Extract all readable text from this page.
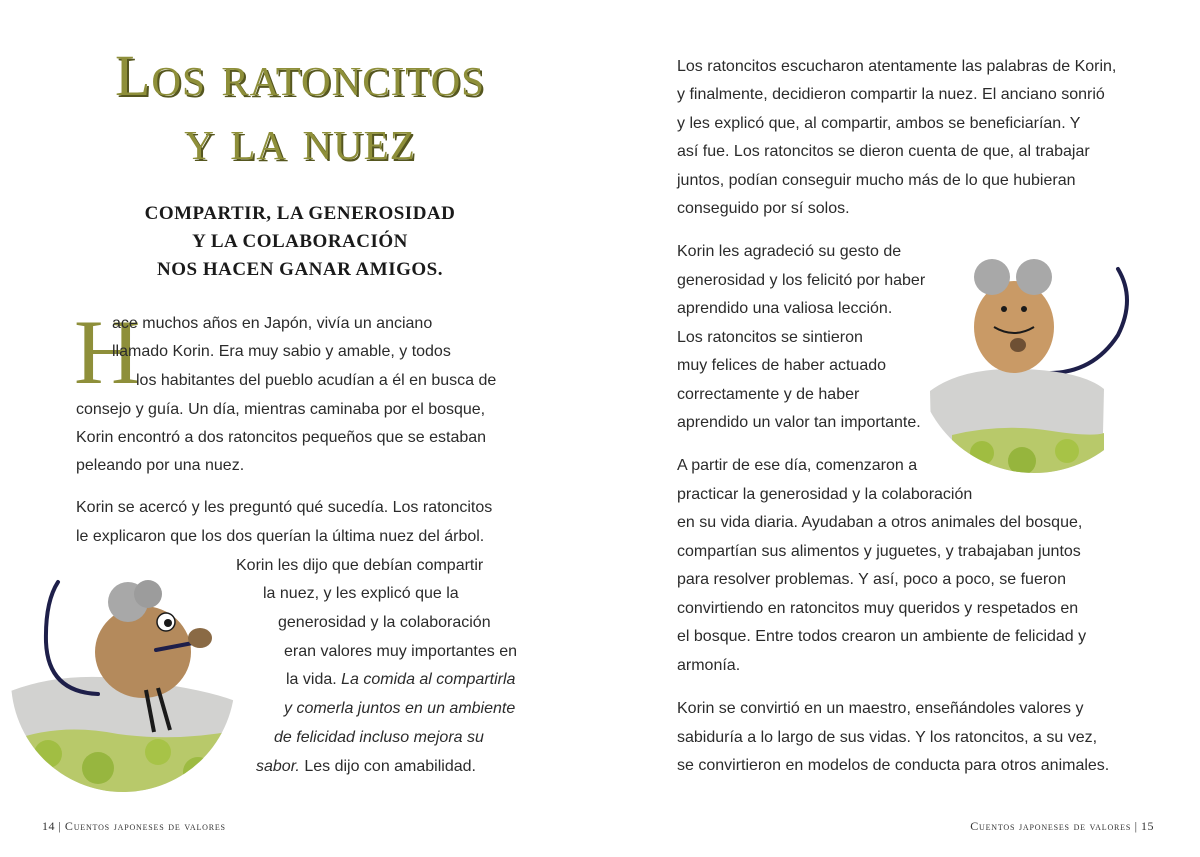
Los ratoncitos
y la nuez
COMPARTIR, LA GENEROSIDAD
Y LA COLABORACIÓN
NOS HACEN GANAR AMIGOS.
H
ace muchos años en Japón, vivía un anciano
llamado Korin. Era muy sabio y amable, y todos
los habitantes del pueblo acudían a él en busca de
consejo y guía. Un día, mientras caminaba por el bosque,
Korin encontró a dos ratoncitos pequeños que se estaban
peleando por una nuez.
Korin se acercó y les preguntó qué sucedía. Los ratoncitos
le explicaron que los dos querían la última nuez del árbol.
Korin les dijo que debían compartir
la nuez, y les explicó que la
generosidad y la colaboración
eran valores muy importantes en
la vida. La comida al compartirla
y comerla juntos en un ambiente
de felicidad incluso mejora su
sabor. Les dijo con amabilidad.
14 | Cuentos japoneses de valores
Los ratoncitos escucharon atentamente las palabras de Korin,
y finalmente, decidieron compartir la nuez. El anciano sonrió
y les explicó que, al compartir, ambos se beneficiarían. Y
así fue. Los ratoncitos se dieron cuenta de que, al trabajar
juntos, podían conseguir mucho más de lo que hubieran
conseguido por sí solos.
Korin les agradeció su gesto de
generosidad y los felicitó por haber
aprendido una valiosa lección.
Los ratoncitos se sintieron
muy felices de haber actuado
correctamente y de haber
aprendido un valor tan importante.
A partir de ese día, comenzaron a
practicar la generosidad y la colaboración
en su vida diaria. Ayudaban a otros animales del bosque,
compartían sus alimentos y juguetes, y trabajaban juntos
para resolver problemas. Y así, poco a poco, se fueron
convirtiendo en ratoncitos muy queridos y respetados en
el bosque. Entre todos crearon un ambiente de felicidad y
armonía.
Korin se convirtió en un maestro, enseñándoles valores y
sabiduría a lo largo de sus vidas. Y los ratoncitos, a su vez,
se convirtieron en modelos de conducta para otros animales.
Cuentos japoneses de valores | 15
